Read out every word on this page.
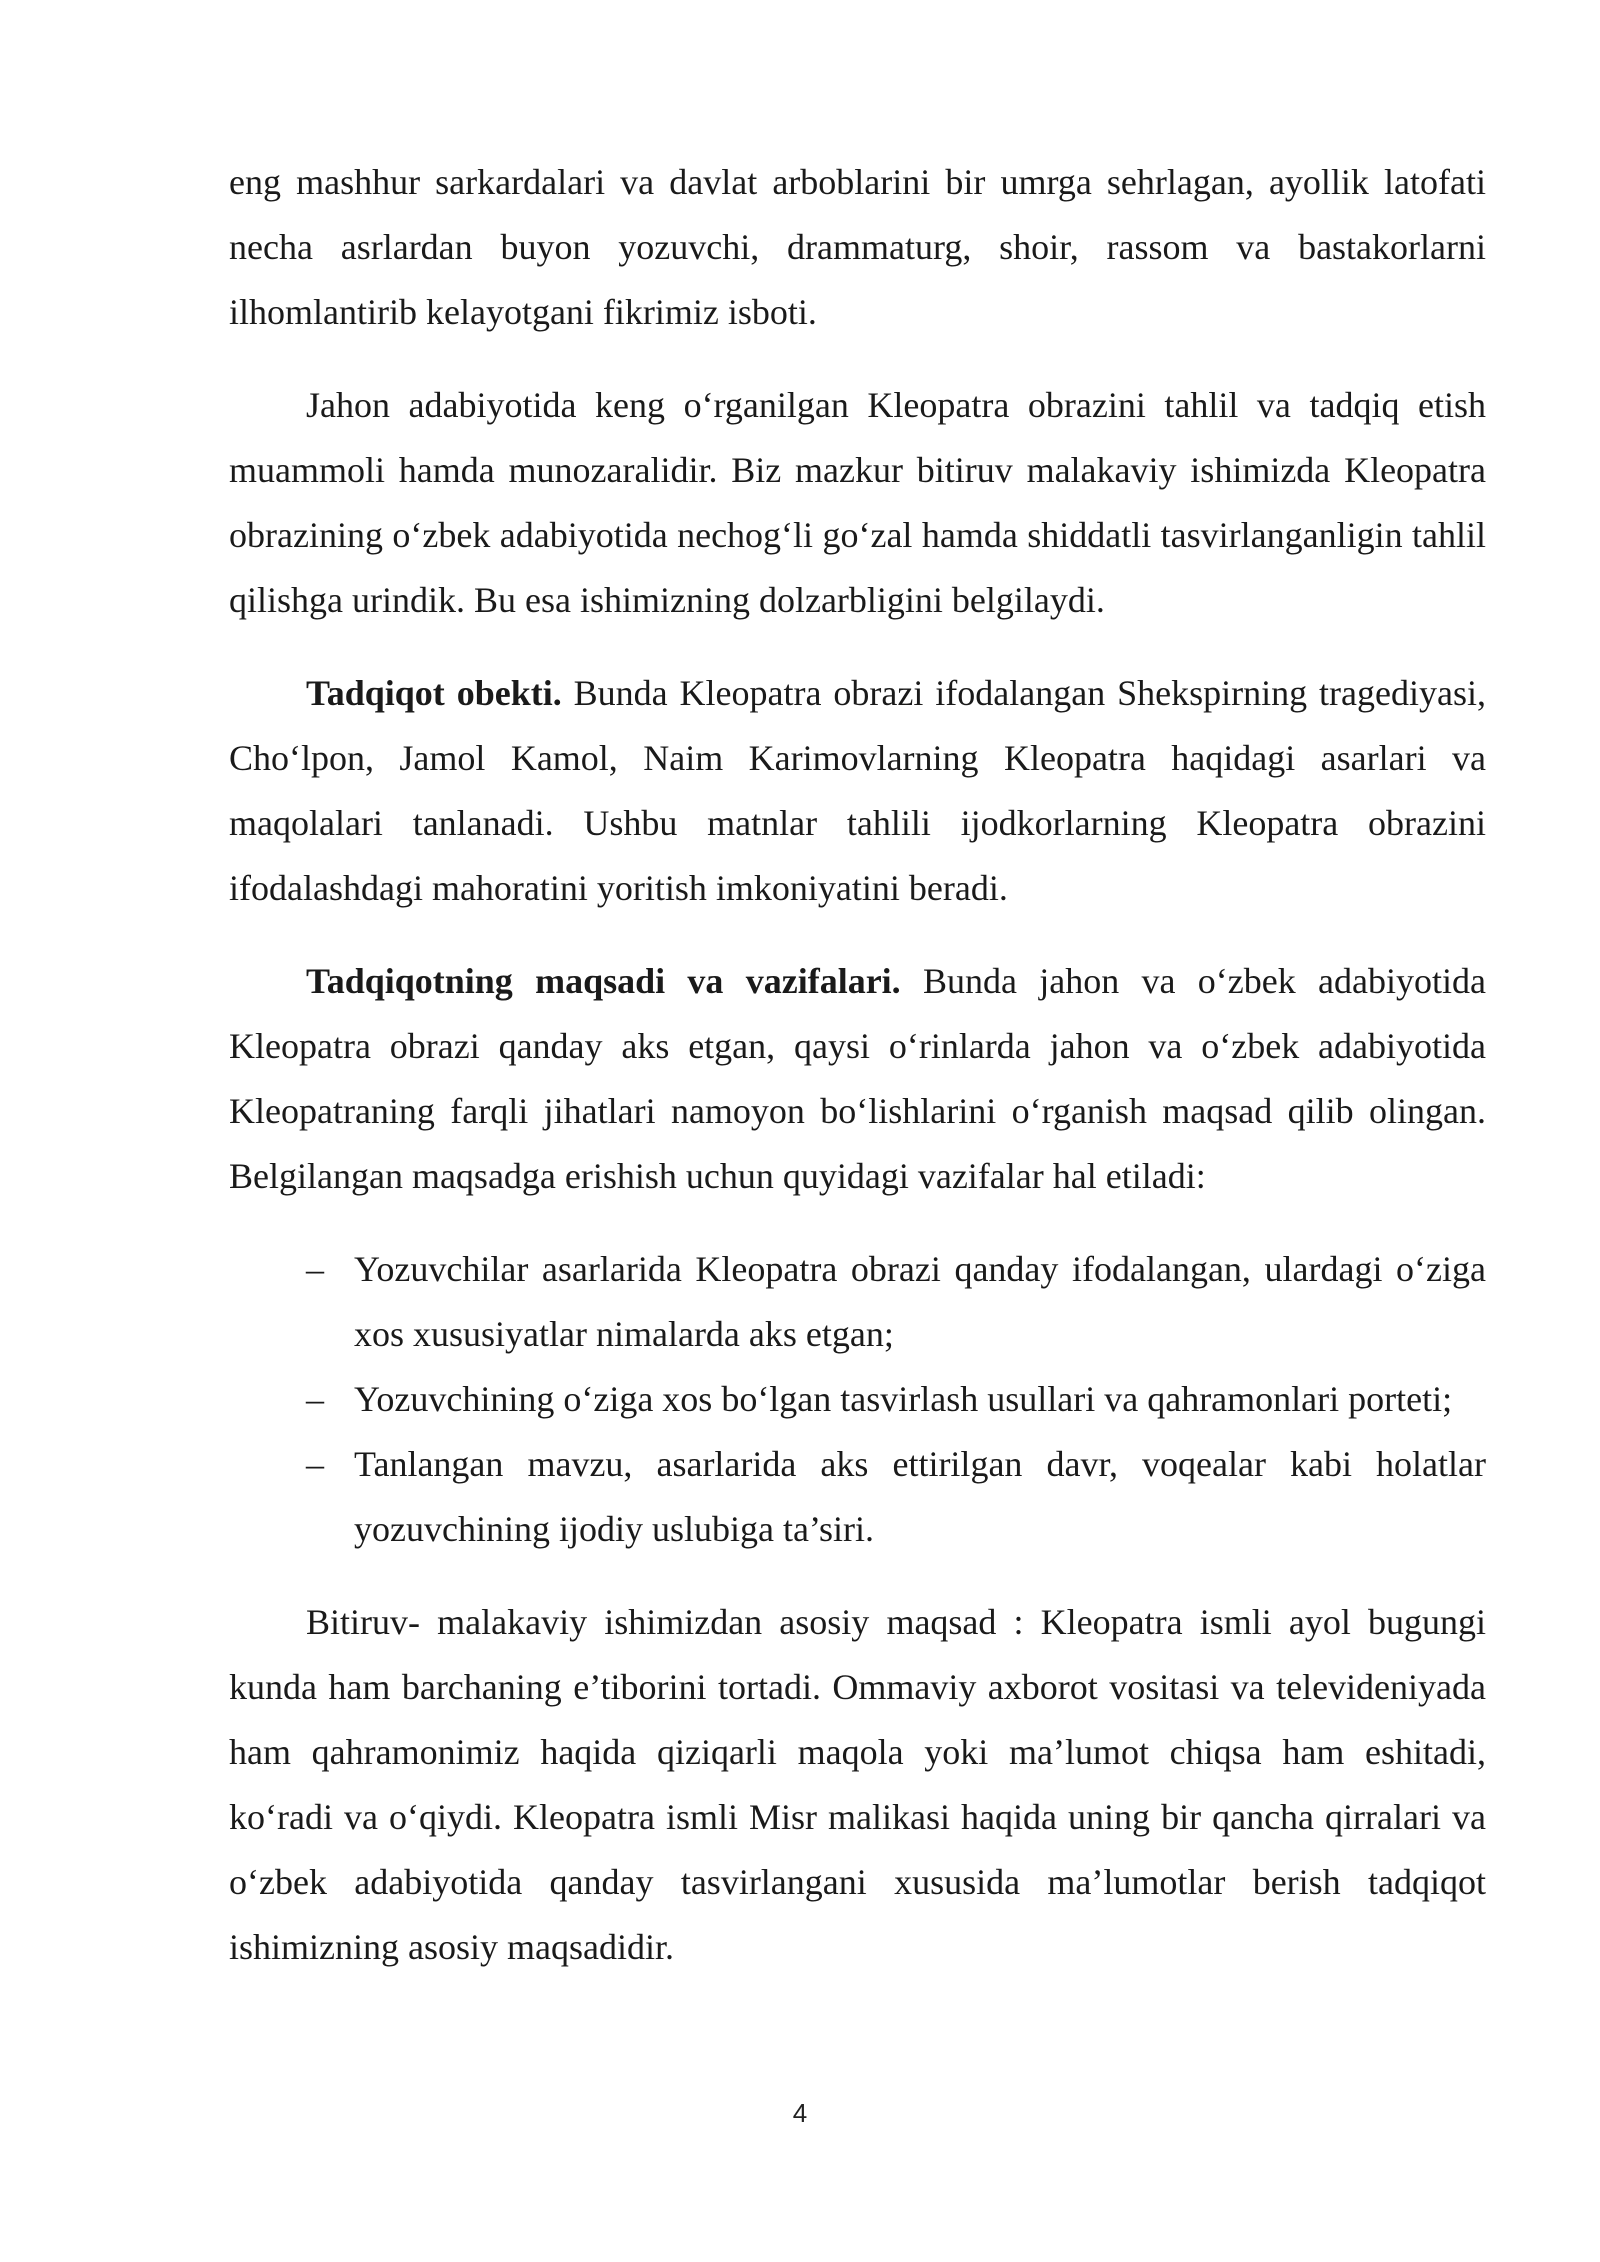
eng mashhur sarkardalari va davlat arboblarini bir umrga sehrlagan, ayollik latofati necha asrlardan buyon yozuvchi, drammaturg, shoir, rassom va bastakorlarni ilhomlantirib kelayotgani fikrimiz isboti.

Jahon adabiyotida keng o‘rganilgan Kleopatra obrazini tahlil va tadqiq etish muammoli hamda munozaralidir. Biz mazkur bitiruv malakaviy ishimizda Kleopatra obrazining o‘zbek adabiyotida nechog‘li go‘zal hamda shiddatli tasvirlanganligin tahlil qilishga urindik. Bu esa ishimizning dolzarbligini belgilaydi.

Tadqiqot obekti. Bunda Kleopatra obrazi ifodalangan Shekspirning tragediyasi, Cho‘lpon, Jamol Kamol, Naim Karimovlarning Kleopatra haqidagi asarlari va maqolalari tanlanadi. Ushbu matnlar tahlili ijodkorlarning Kleopatra obrazini ifodalashdagi mahoratini yoritish imkoniyatini beradi.

Tadqiqotning maqsadi va vazifalari. Bunda jahon va o‘zbek adabiyotida Kleopatra obrazi qanday aks etgan, qaysi o‘rinlarda jahon va o‘zbek adabiyotida Kleopatraning farqli jihatlari namoyon bo‘lishlarini o‘rganish maqsad qilib olingan. Belgilangan maqsadga erishish uchun quyidagi vazifalar hal etiladi:

– Yozuvchilar asarlarida Kleopatra obrazi qanday ifodalangan, ulardagi o‘ziga xos xususiyatlar nimalarda aks etgan;
– Yozuvchining o‘ziga xos bo‘lgan tasvirlash usullari va qahramonlari porteti;
– Tanlangan mavzu, asarlarida aks ettirilgan davr, voqealar kabi holatlar yozuvchining ijodiy uslubiga ta’siri.

Bitiruv- malakaviy ishimizdan asosiy maqsad : Kleopatra ismli ayol bugungi kunda ham barchaning e’tiborini tortadi. Ommaviy axborot vositasi va televideniyada ham qahramonimiz haqida qiziqarli maqola yoki ma’lumot chiqsa ham eshitadi, ko‘radi va o‘qiydi. Kleopatra ismli Misr malikasi haqida uning bir qancha qirralari va o‘zbek adabiyotida qanday tasvirlangani xususida ma’lumotlar berish tadqiqot ishimizning asosiy maqsadidir.

4
